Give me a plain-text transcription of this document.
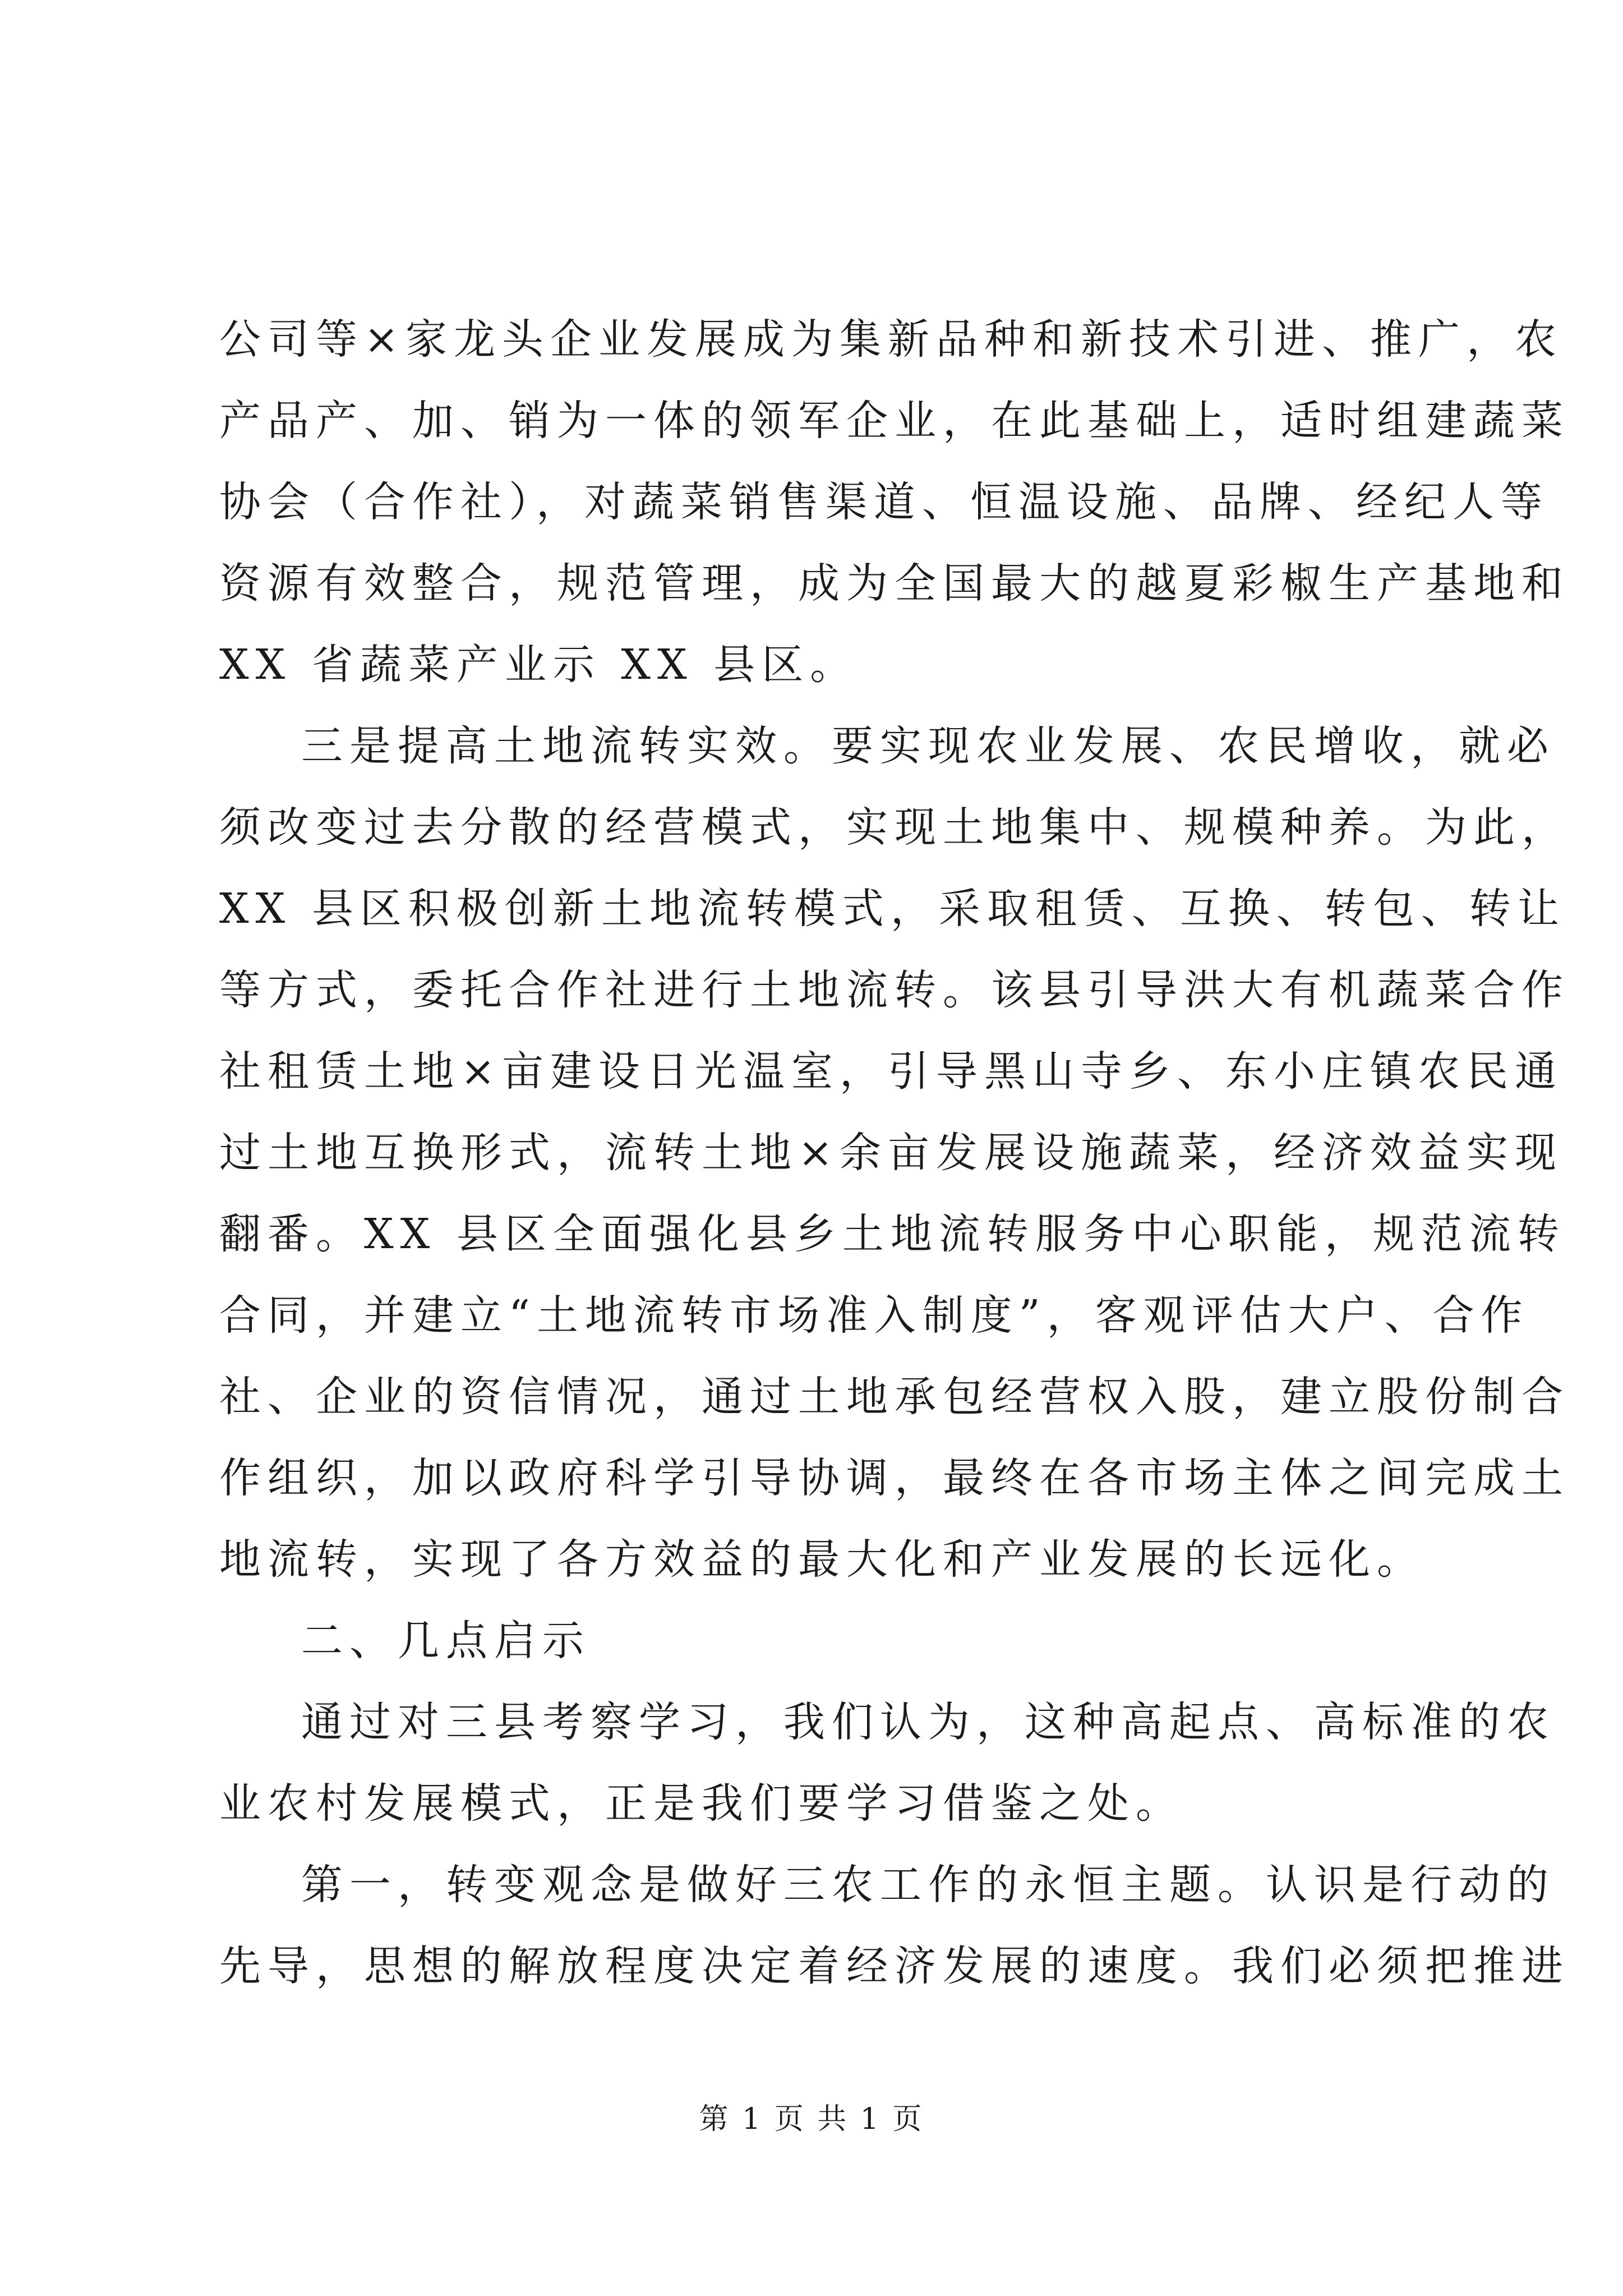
公司等×家龙头企业发展成为集新品种和新技术引进、推广，农
产品产、加、销为一体的领军企业，在此基础上，适时组建蔬菜
协会（合作社），对蔬菜销售渠道、恒温设施、品牌、经纪人等
资源有效整合，规范管理，成为全国最大的越夏彩椒生产基地和
XX 省蔬菜产业示 XX 县区。
三是提高土地流转实效。要实现农业发展、农民增收，就必
须改变过去分散的经营模式，实现土地集中、规模种养。为此，
XX 县区积极创新土地流转模式，采取租赁、互换、转包、转让
等方式，委托合作社进行土地流转。该县引导洪大有机蔬菜合作
社租赁土地×亩建设日光温室，引导黑山寺乡、东小庄镇农民通
过土地互换形式，流转土地×余亩发展设施蔬菜，经济效益实现
翻番。XX 县区全面强化县乡土地流转服务中心职能，规范流转
合同，并建立“土地流转市场准入制度”，客观评估大户、合作
社、企业的资信情况，通过土地承包经营权入股，建立股份制合
作组织，加以政府科学引导协调，最终在各市场主体之间完成土
地流转，实现了各方效益的最大化和产业发展的长远化。
二、几点启示
通过对三县考察学习，我们认为，这种高起点、高标准的农
业农村发展模式，正是我们要学习借鉴之处。
第一，转变观念是做好三农工作的永恒主题。认识是行动的
先导，思想的解放程度决定着经济发展的速度。我们必须把推进
第 1 页 共 1 页
